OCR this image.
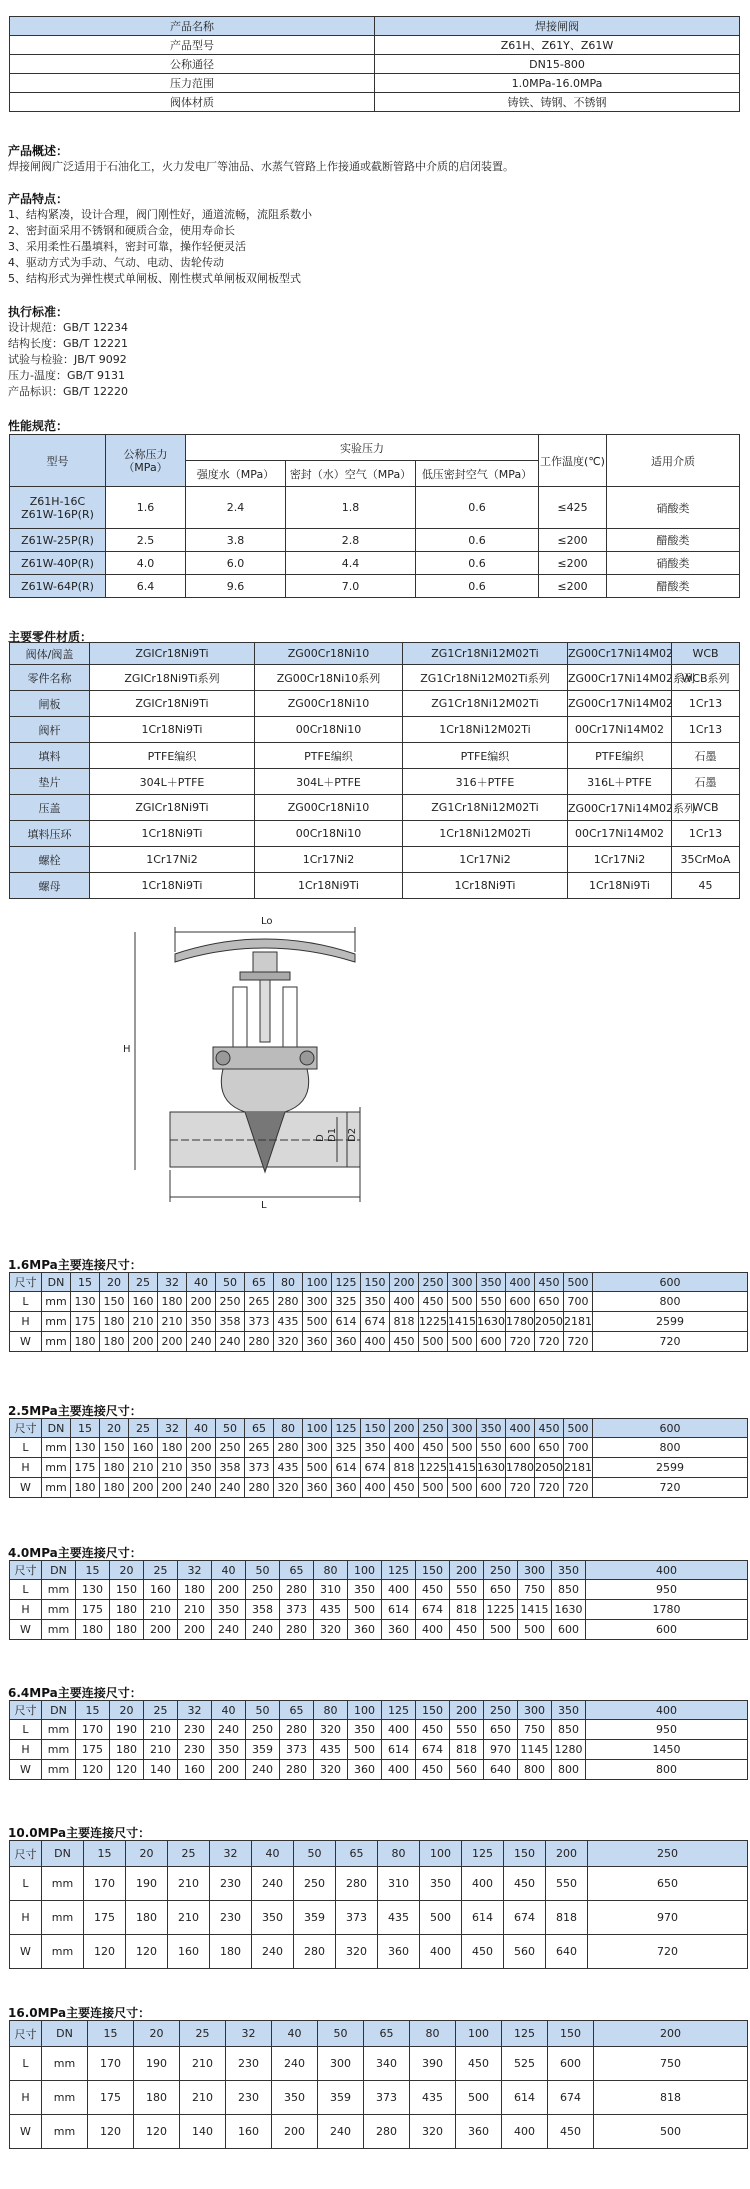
产品名称	焊接闸阀
产品型号	Z61H、Z61Y、Z61W
公称通径	DN15-800
压力范围	1.0MPa-16.0MPa
阀体材质	铸铁、铸钢、不锈钢
产品概述：
焊接闸阀广泛适用于石油化工，火力发电厂等油品、水蒸气管路上作接通或截断管路中介质的启闭装置。
产品特点：
1、结构紧凑，设计合理，阀门刚性好，通道流畅，流阻系数小
2、密封面采用不锈钢和硬质合金，使用寿命长
3、采用柔性石墨填料，密封可靠，操作轻便灵活
4、驱动方式为手动、气动、电动、齿轮传动
5、结构形式为弹性楔式单闸板、刚性楔式单闸板双闸板型式
执行标准：
设计规范：GB/T 12234
结构长度：GB/T 12221
试验与检验：JB/T 9092
压力-温度：GB/T 9131
产品标识：GB/T 12220
性能规范：
型号	公称压力（MPa）	实验压力			工作温度(℃)	适用介质
		强度水（MPa）	密封（水）空气（MPa）	低压密封空气（MPa）		

Z61H-16C
Z61W-16P(R)	1.6	2.4	1.8	0.6	≤425	硝酸类

Z61W-25P(R)	2.5	3.8	2.8	0.6	≤200	醋酸类

Z61W-40P(R)	4.0	6.0	4.4	0.6	≤200	硝酸类

Z61W-64P(R)	6.4	9.6	7.0	0.6	≤200	醋酸类
主要零件材质：
阀体/阀盖	ZGICr18Ni9Ti	ZG00Cr18Ni10	ZG1Cr18Ni12M02Ti	ZG00Cr17Ni14M02	WCB
零件名称	ZGICr18Ni9Ti系列	ZG00Cr18Ni10系列	ZG1Cr18Ni12M02Ti系列	ZG00Cr17Ni14M02系列	WCB系列
闸板	ZGICr18Ni9Ti	ZG00Cr18Ni10	ZG1Cr18Ni12M02Ti	ZG00Cr17Ni14M02	1Cr13
阀杆	1Cr18Ni9Ti	00Cr18Ni10	1Cr18Ni12M02Ti	00Cr17Ni14M02	1Cr13
填料	PTFE编织	PTFE编织	PTFE编织	PTFE编织	石墨
垫片	304L＋PTFE	304L＋PTFE	316＋PTFE	316L＋PTFE	石墨
压盖	ZGICr18Ni9Ti	ZG00Cr18Ni10	ZG1Cr18Ni12M02Ti	ZG00Cr17Ni14M02系列	WCB
填料压环	1Cr18Ni9Ti	00Cr18Ni10	1Cr18Ni12M02Ti	00Cr17Ni14M02	1Cr13
螺栓	1Cr17Ni2	1Cr17Ni2	1Cr17Ni2	1Cr17Ni2	35CrMoA
螺母	1Cr18Ni9Ti	1Cr18Ni9Ti	1Cr18Ni9Ti	1Cr18Ni9Ti	45
Lo
H
D D1 D2
L
1.6MPa主要连接尺寸：
尺寸	DN	15	20	25	32	40	50	65	80	100	125	150	200	250	300	350	400	450	500	600
L	mm	130	150	160	180	200	250	265	280	300	325	350	400	450	500	550	600	650	700	800
H	mm	175	180	210	210	350	358	373	435	500	614	674	818	1225	1415	1630	1780	2050	2181	2599
W	mm	180	180	200	200	240	240	280	320	360	360	400	450	500	500	600	720	720	720	720
2.5MPa主要连接尺寸：
尺寸	DN	15	20	25	32	40	50	65	80	100	125	150	200	250	300	350	400	450	500	600
L	mm	130	150	160	180	200	250	265	280	300	325	350	400	450	500	550	600	650	700	800
H	mm	175	180	210	210	350	358	373	435	500	614	674	818	1225	1415	1630	1780	2050	2181	2599
W	mm	180	180	200	200	240	240	280	320	360	360	400	450	500	500	600	720	720	720	720
4.0MPa主要连接尺寸：
尺寸	DN	15	20	25	32	40	50	65	80	100	125	150	200	250	300	350	400
L	mm	130	150	160	180	200	250	280	310	350	400	450	550	650	750	850	950
H	mm	175	180	210	210	350	358	373	435	500	614	674	818	1225	1415	1630	1780
W	mm	180	180	200	200	240	240	280	320	360	360	400	450	500	500	600	600
6.4MPa主要连接尺寸：
尺寸	DN	15	20	25	32	40	50	65	80	100	125	150	200	250	300	350	400
L	mm	170	190	210	230	240	250	280	320	350	400	450	550	650	750	850	950
H	mm	175	180	210	230	350	359	373	435	500	614	674	818	970	1145	1280	1450
W	mm	120	120	140	160	200	240	280	320	360	400	450	560	640	800	800	800
10.0MPa主要连接尺寸：
尺寸	DN	15	20	25	32	40	50	65	80	100	125	150	200	250
L	mm	170	190	210	230	240	250	280	310	350	400	450	550	650
H	mm	175	180	210	230	350	359	373	435	500	614	674	818	970
W	mm	120	120	160	180	240	280	320	360	400	450	560	640	720
16.0MPa主要连接尺寸：
尺寸	DN	15	20	25	32	40	50	65	80	100	125	150	200
L	mm	170	190	210	230	240	300	340	390	450	525	600	750
H	mm	175	180	210	230	350	359	373	435	500	614	674	818
W	mm	120	120	140	160	200	240	280	320	360	400	450	500
